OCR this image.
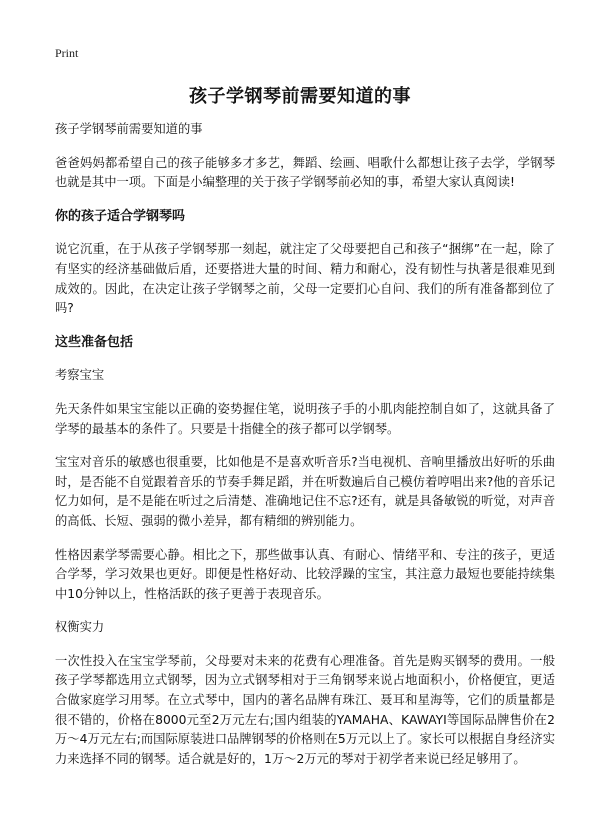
Print
孩子学钢琴前需要知道的事
孩子学钢琴前需要知道的事
爸爸妈妈都希望自己的孩子能够多才多艺，舞蹈、绘画、唱歌什么都想让孩子去学，学钢琴也就是其中一项。下面是小编整理的关于孩子学钢琴前必知的事，希望大家认真阅读!
你的孩子适合学钢琴吗
说它沉重，在于从孩子学钢琴那一刻起，就注定了父母要把自己和孩子“捆绑”在一起，除了有坚实的经济基础做后盾，还要搭进大量的时间、精力和耐心，没有韧性与执著是很难见到成效的。因此，在决定让孩子学钢琴之前，父母一定要扪心自问、我们的所有准备都到位了吗?
这些准备包括
考察宝宝
先天条件如果宝宝能以正确的姿势握住笔，说明孩子手的小肌肉能控制自如了，这就具备了学琴的最基本的条件了。只要是十指健全的孩子都可以学钢琴。
宝宝对音乐的敏感也很重要，比如他是不是喜欢听音乐?当电视机、音响里播放出好听的乐曲时，是否能不自觉跟着音乐的节奏手舞足蹈，并在听数遍后自己模仿着哼唱出来?他的音乐记忆力如何，是不是能在听过之后清楚、准确地记住不忘?还有，就是具备敏锐的听觉，对声音的高低、长短、强弱的微小差异，都有精细的辨别能力。
性格因素学琴需要心静。相比之下，那些做事认真、有耐心、情绪平和、专注的孩子，更适合学琴，学习效果也更好。即便是性格好动、比较浮躁的宝宝，其注意力最短也要能持续集中10分钟以上，性格活跃的孩子更善于表现音乐。
权衡实力
一次性投入在宝宝学琴前，父母要对未来的花费有心理准备。首先是购买钢琴的费用。一般孩子学琴都选用立式钢琴，因为立式钢琴相对于三角钢琴来说占地面积小，价格便宜，更适合做家庭学习用琴。在立式琴中，国内的著名品牌有珠江、聂耳和星海等，它们的质量都是很不错的，价格在8000元至2万元左右;国内组装的YAMAHA、KAWAYI等国际品牌售价在2万～4万元左右;而国际原装进口品牌钢琴的价格则在5万元以上了。家长可以根据自身经济实力来选择不同的钢琴。适合就是好的，1万～2万元的琴对于初学者来说已经足够用了。
